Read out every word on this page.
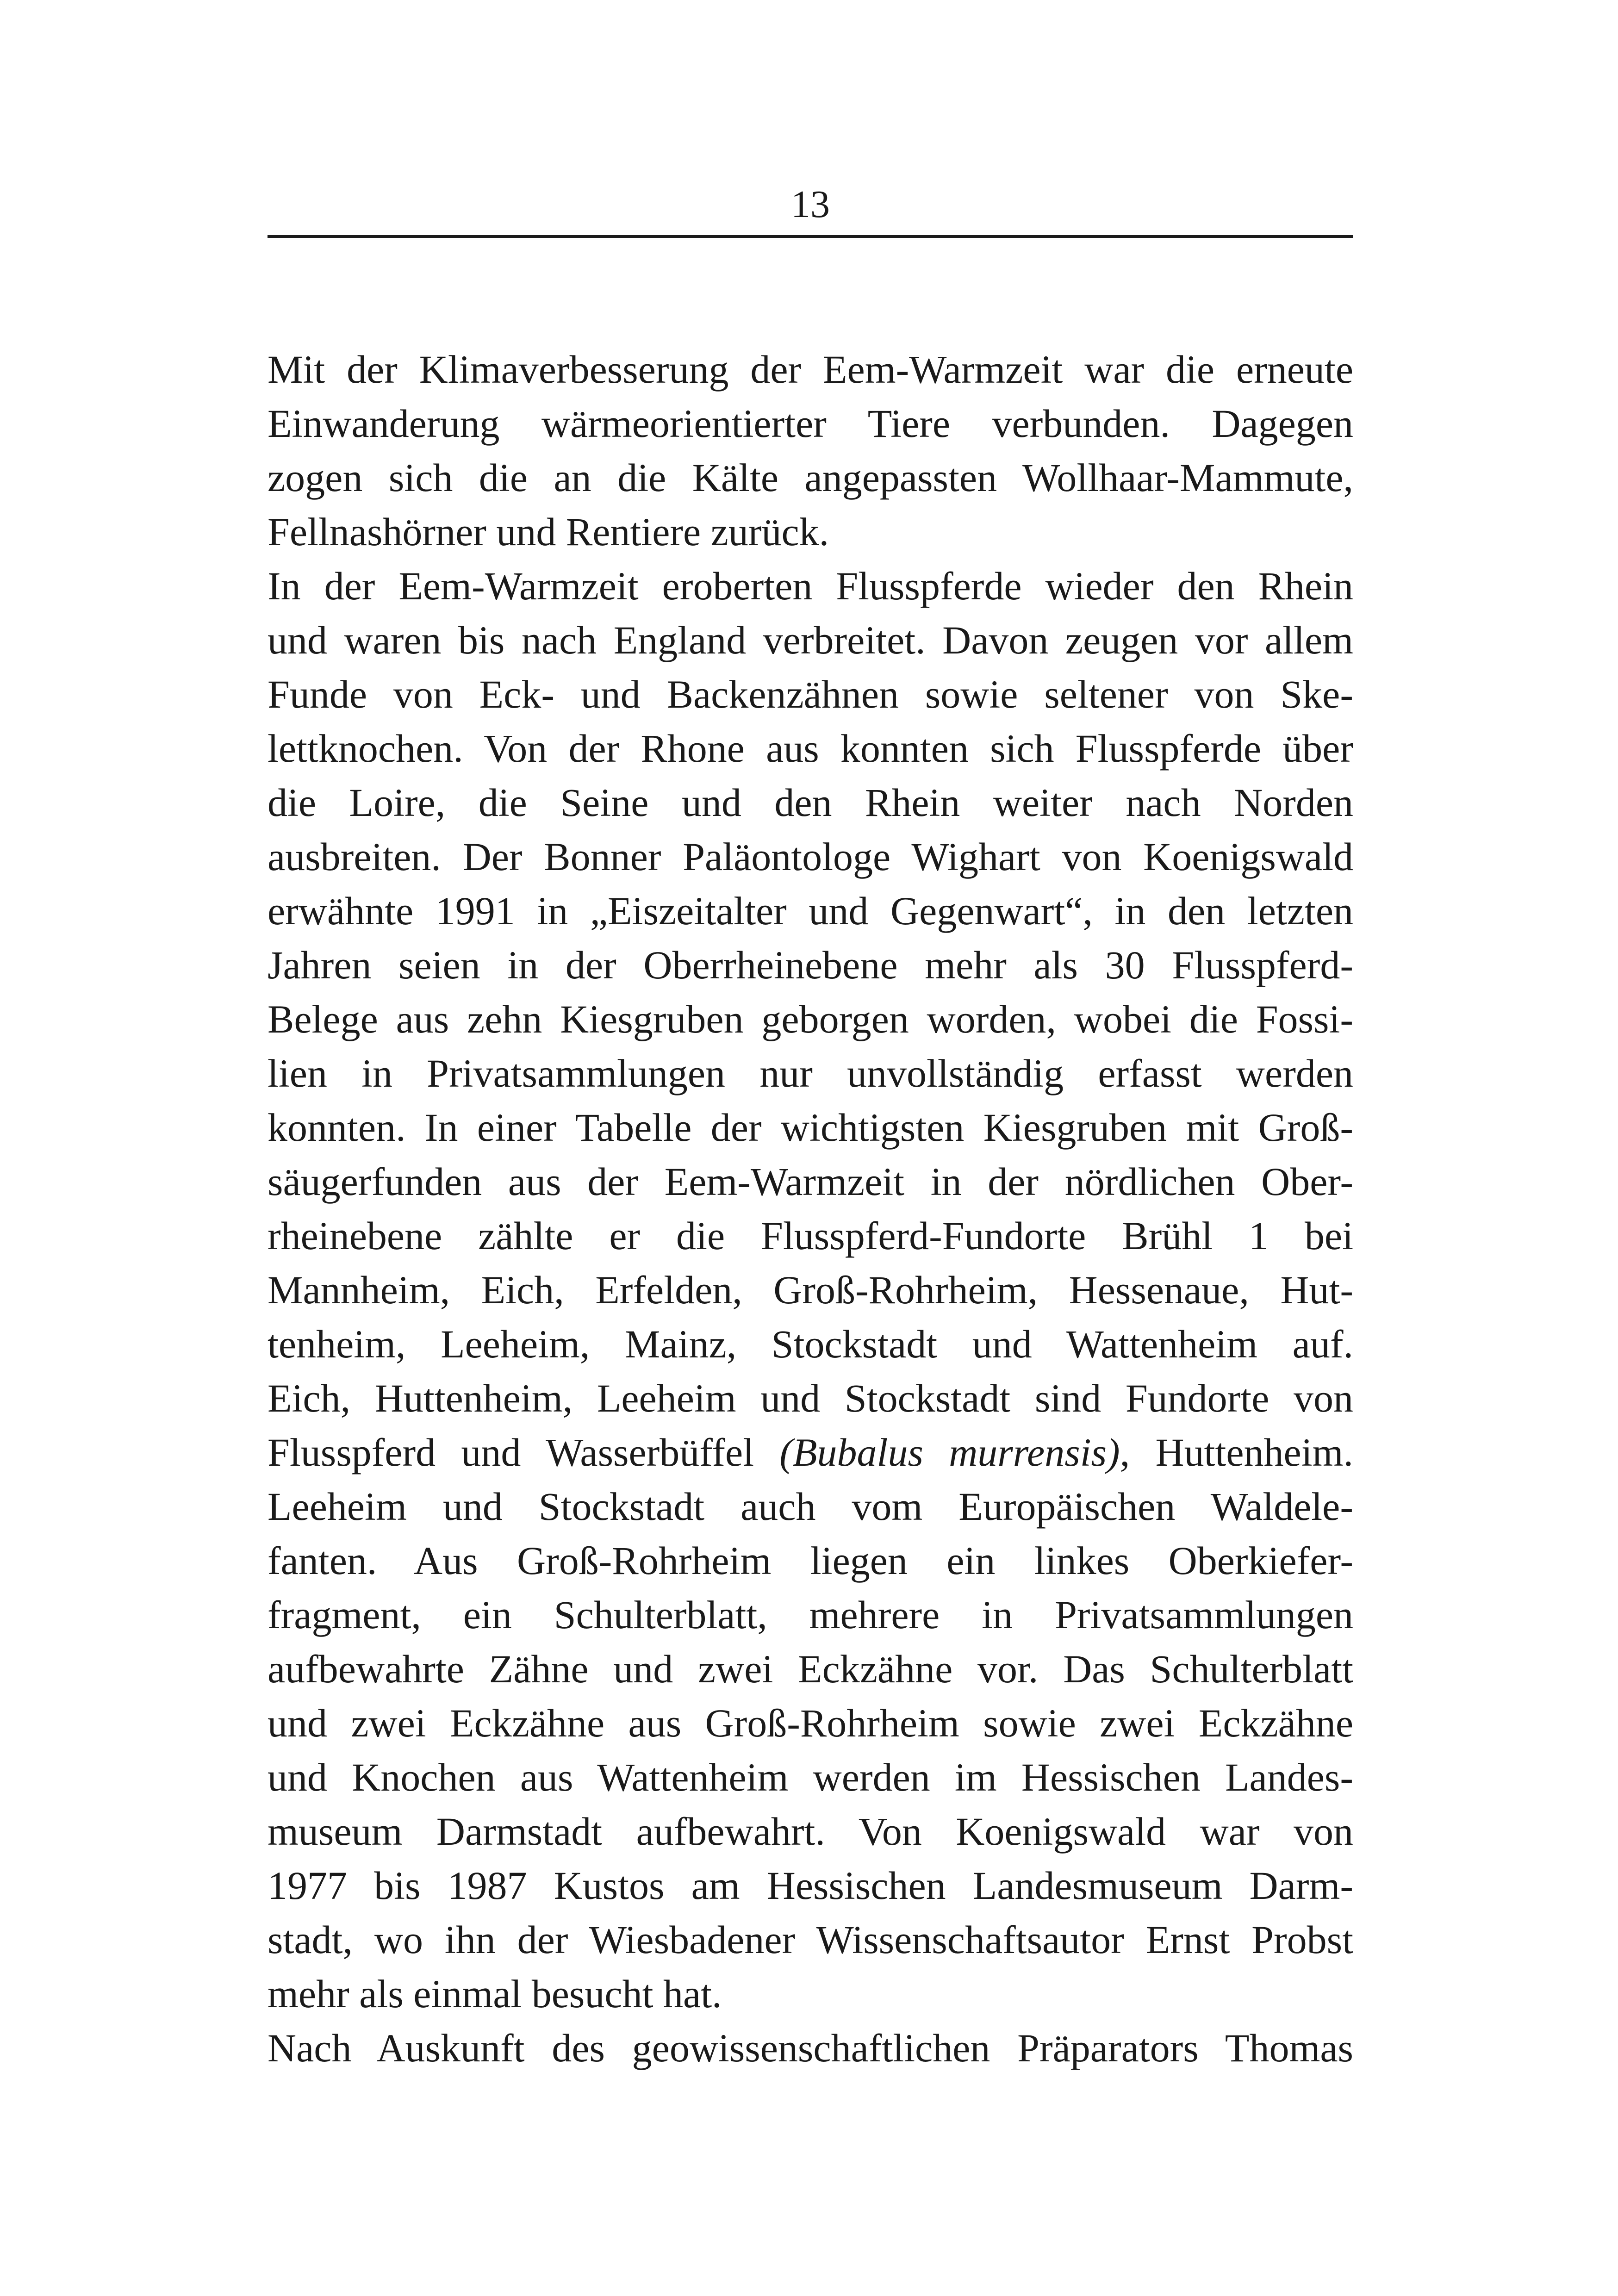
13
Mit der Klimaverbesserung der Eem-Warmzeit war die erneute
Einwanderung wärmeorientierter Tiere verbunden. Dagegen
zogen sich die an die Kälte angepassten Wollhaar-Mammute,
Fellnashörner und Rentiere zurück.
In der Eem-Warmzeit eroberten Flusspferde wieder den Rhein
und waren bis nach England verbreitet. Davon zeugen vor allem
Funde von Eck- und Backenzähnen sowie seltener von Ske-
lettknochen. Von der Rhone aus konnten sich Flusspferde über
die Loire, die Seine und den Rhein weiter nach Norden
ausbreiten. Der Bonner Paläontologe Wighart von Koenigswald
erwähnte 1991 in „Eiszeitalter und Gegenwart“, in den letzten
Jahren seien in der Oberrheinebene mehr als 30 Flusspferd-
Belege aus zehn Kiesgruben geborgen worden, wobei die Fossi-
lien in Privatsammlungen nur unvollständig erfasst werden
konnten. In einer Tabelle der wichtigsten Kiesgruben mit Groß-
säugerfunden aus der Eem-Warmzeit in der nördlichen Ober-
rheinebene zählte er die Flusspferd-Fundorte Brühl 1 bei
Mannheim, Eich, Erfelden, Groß-Rohrheim, Hessenaue, Hut-
tenheim, Leeheim, Mainz, Stockstadt und Wattenheim auf.
Eich, Huttenheim, Leeheim und Stockstadt sind Fundorte von
Flusspferd und Wasserbüffel (Bubalus murrensis), Huttenheim.
Leeheim und Stockstadt auch vom Europäischen Waldele-
fanten. Aus Groß-Rohrheim liegen ein linkes Oberkiefer-
fragment, ein Schulterblatt, mehrere in Privatsammlungen
aufbewahrte Zähne und zwei Eckzähne vor. Das Schulterblatt
und zwei Eckzähne aus Groß-Rohrheim sowie zwei Eckzähne
und Knochen aus Wattenheim werden im Hessischen Landes-
museum Darmstadt aufbewahrt. Von Koenigswald war von
1977 bis 1987 Kustos am Hessischen Landesmuseum Darm-
stadt, wo ihn der Wiesbadener Wissenschaftsautor Ernst Probst
mehr als einmal besucht hat.
Nach Auskunft des geowissenschaftlichen Präparators Thomas
